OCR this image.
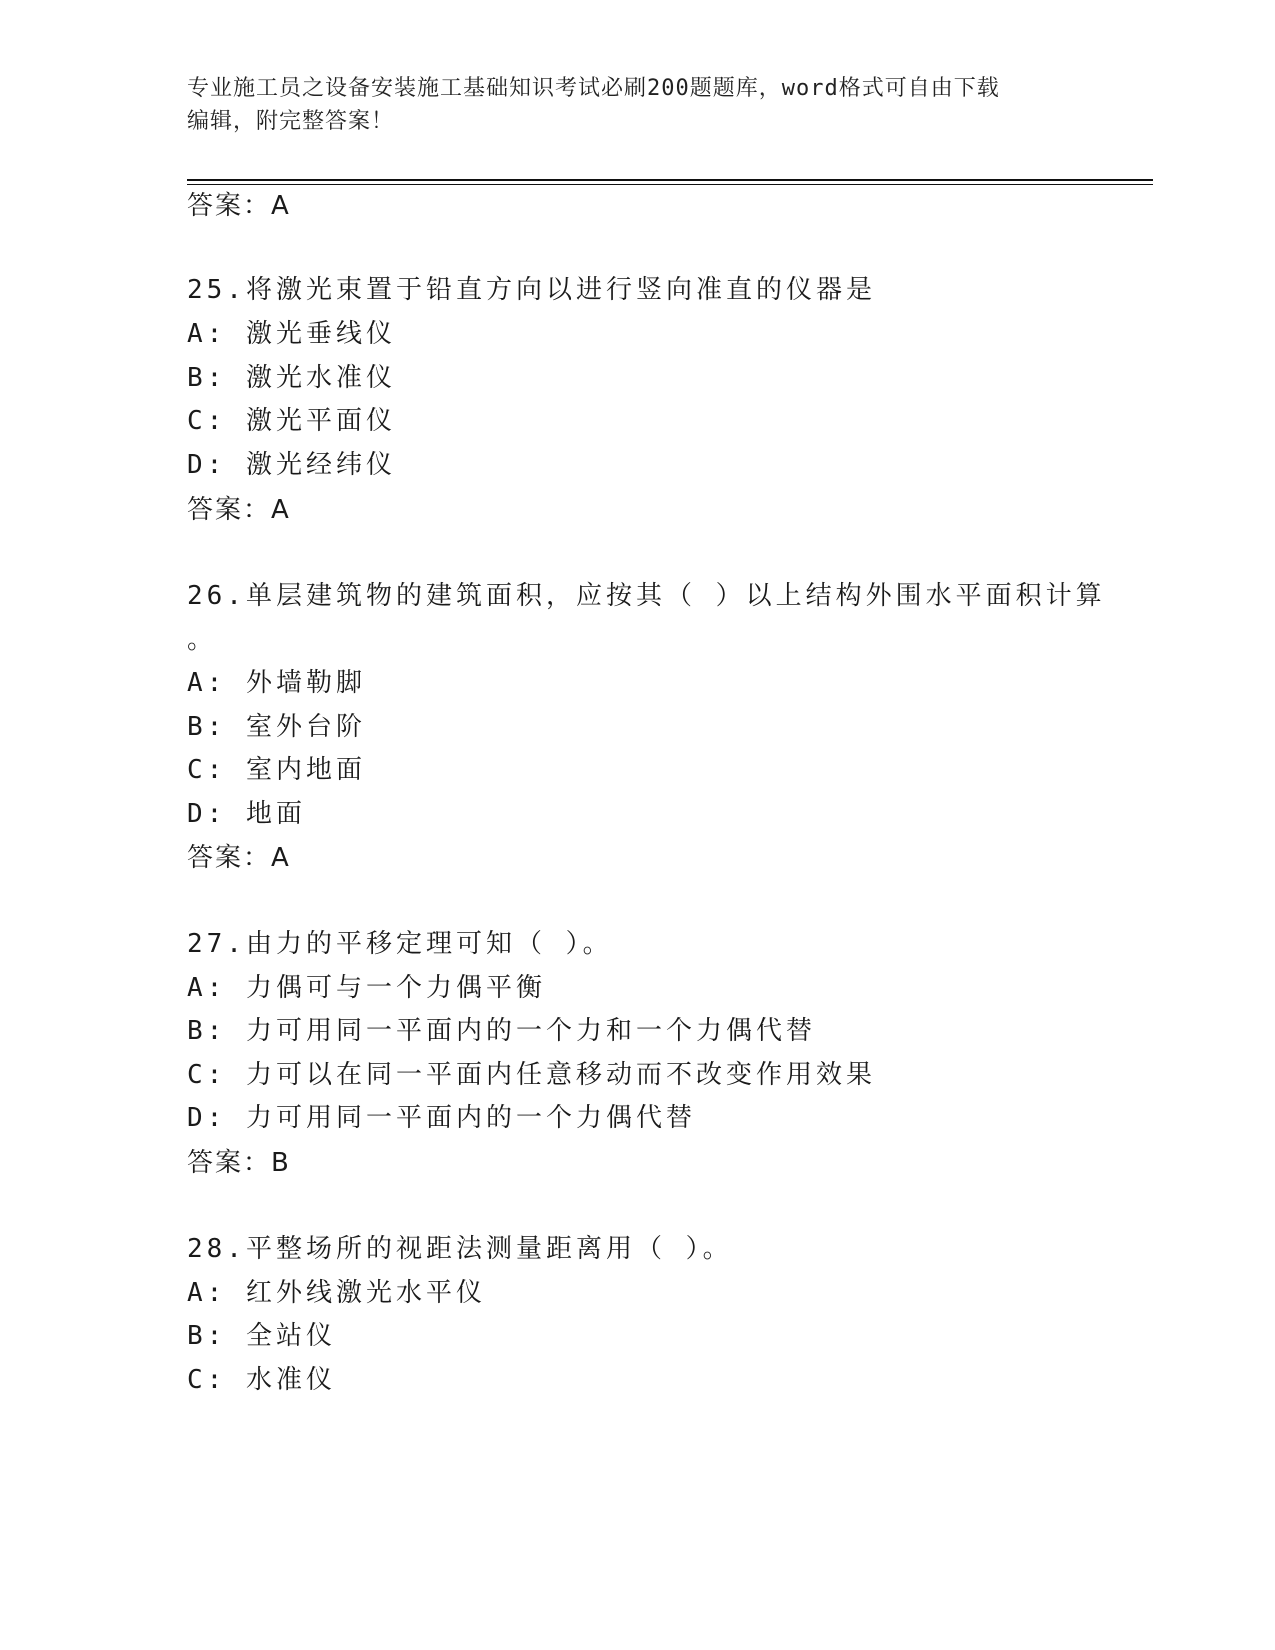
专业施工员之设备安装施工基础知识考试必刷200题题库，word格式可自由下载
编辑，附完整答案！
答案：A
25.将激光束置于铅直方向以进行竖向准直的仪器是
A: 激光垂线仪
B: 激光水准仪
C: 激光平面仪
D: 激光经纬仪
答案：A
26.单层建筑物的建筑面积，应按其（ ）以上结构外围水平面积计算
。
A: 外墙勒脚
B: 室外台阶
C: 室内地面
D: 地面
答案：A
27.由力的平移定理可知（ ）。
A: 力偶可与一个力偶平衡
B: 力可用同一平面内的一个力和一个力偶代替
C: 力可以在同一平面内任意移动而不改变作用效果
D: 力可用同一平面内的一个力偶代替
答案：B
28.平整场所的视距法测量距离用（ ）。
A: 红外线激光水平仪
B: 全站仪
C: 水准仪
